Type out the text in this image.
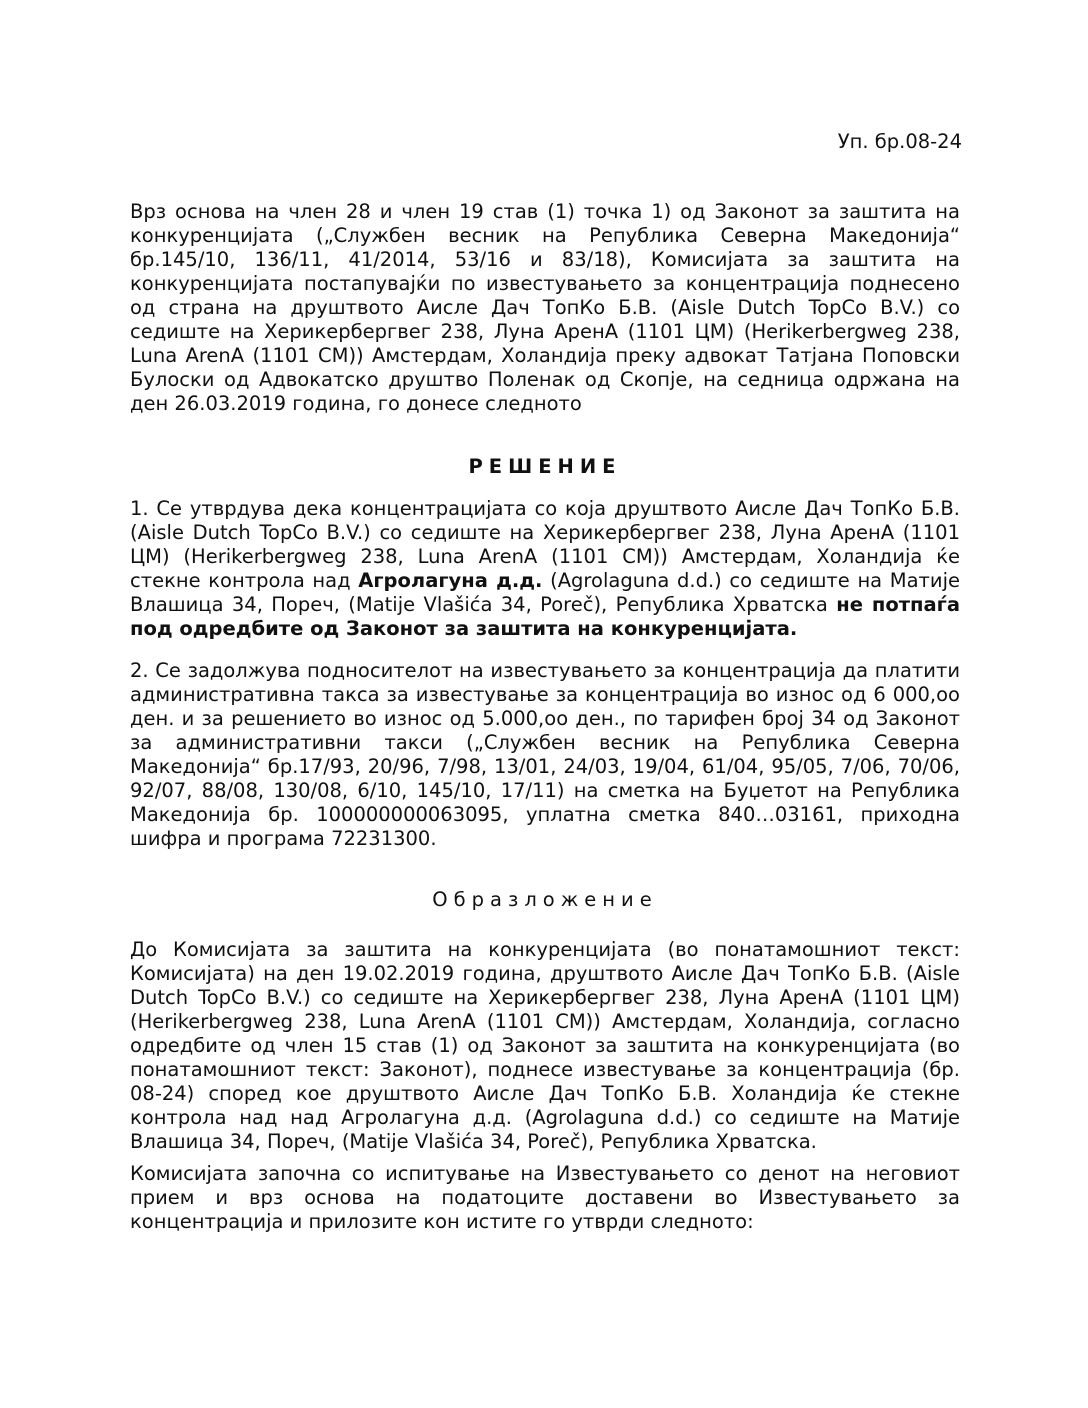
Уп. бр.08-24

Врз основа на член 28 и член 19 став (1) точка 1) од Законот за заштита на конкуренцијата („Службен весник на Република Северна Македонија“ бр.145/10, 136/11, 41/2014, 53/16 и 83/18), Комисијата за заштита на конкуренцијата постапувајќи по известувањето за концентрација поднесено од страна на друштвото Аисле Дач ТопКо Б.В. (Aisle Dutch TopCo B.V.) со седиште на Херикербергвег 238, Луна АренА (1101 ЦМ) (Herikerbergweg 238, Luna ArenA (1101 CM)) Амстердам, Холандија преку адвокат Татјана Поповски Булоски од Адвокатско друштво Поленак од Скопје, на седница одржана на ден 26.03.2019 година, го донесе следното

РЕШЕНИЕ

1. Се утврдува дека концентрацијата со која друштвото Аисле Дач ТопКо Б.В. (Aisle Dutch TopCo B.V.) со седиште на Херикербергвег 238, Луна АренА (1101 ЦМ) (Herikerbergweg 238, Luna ArenA (1101 CM)) Амстердам, Холандија ќе стекне контрола над Агролагуна д.д. (Agrolaguna d.d.) со седиште на Матије Влашица 34, Пореч, (Matije Vlašića 34, Poreč), Република Хрватска не потпаѓа под одредбите од Законот за заштита на конкуренцијата.

2. Се задолжува подносителот на известувањето за концентрација да платити административна такса за известување за концентрација во износ од 6 000,оо ден. и за решението во износ од 5.000,оо ден., по тарифен број 34 од Законот за административни такси („Службен весник на Република Северна Македонија“ бр.17/93, 20/96, 7/98, 13/01, 24/03, 19/04, 61/04, 95/05, 7/06, 70/06, 92/07, 88/08, 130/08, 6/10, 145/10, 17/11) на сметка на Буџетот на Република Македонија бр. 100000000063095, уплатна сметка 840…03161, приходна шифра и програма 72231300.

Образложение

До Комисијата за заштита на конкуренцијата (во понатамошниот текст: Комисијата) на ден 19.02.2019 година, друштвото Аисле Дач ТопКо Б.В. (Aisle Dutch TopCo B.V.) со седиште на Херикербергвег 238, Луна АренА (1101 ЦМ) (Herikerbergweg 238, Luna ArenA (1101 CM)) Амстердам, Холандија, согласно одредбите од член 15 став (1) од Законот за заштита на конкуренцијата (во понатамошниот текст: Законот), поднесе известување за концентрација (бр. 08-24) според кое друштвото Аисле Дач ТопКо Б.В. Холандија ќе стекне контрола над над Агролагуна д.д. (Agrolaguna d.d.) со седиште на Матије Влашица 34, Пореч, (Matije Vlašića 34, Poreč), Република Хрватска.

Комисијата започна со испитување на Известувањето со денот на неговиот прием и врз основа на податоците доставени во Известувањето за концентрација и прилозите кон истите го утврди следното:
